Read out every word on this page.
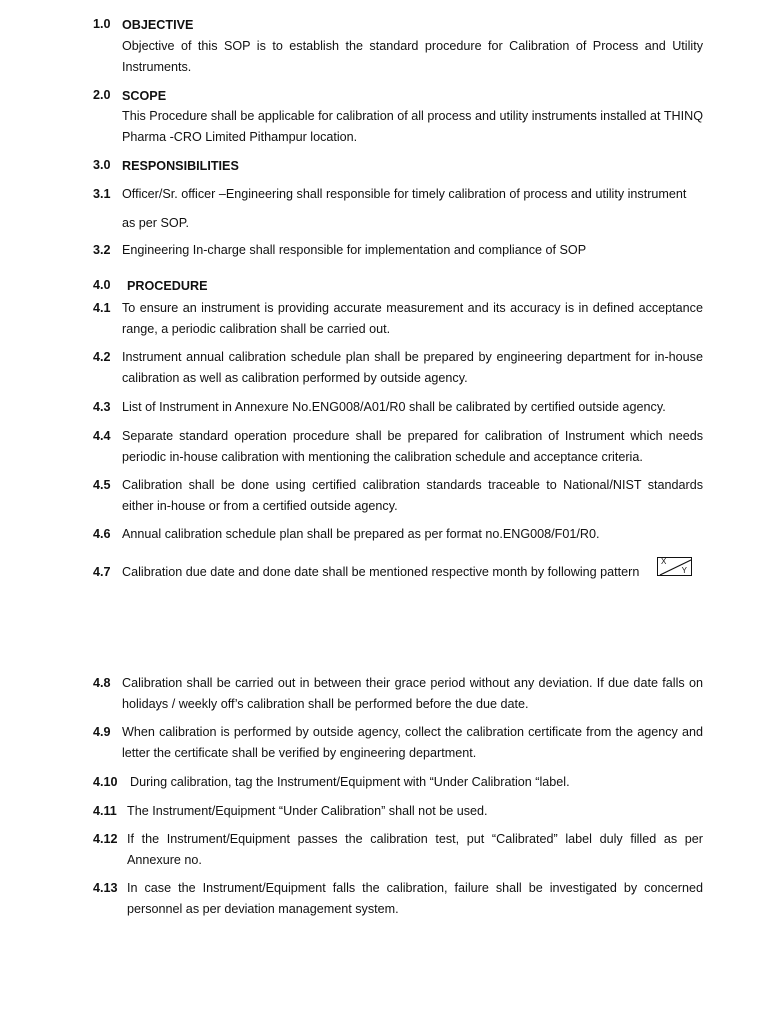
1.0 OBJECTIVE
Objective of this SOP is to establish the standard procedure for Calibration of Process and Utility Instruments.
2.0 SCOPE
This Procedure shall be applicable for calibration of all process and utility instruments installed at THINQ Pharma -CRO Limited Pithampur location.
3.0 RESPONSIBILITIES
3.1 Officer/Sr. officer –Engineering shall responsible for timely calibration of process and utility instrument
as per SOP.
3.2 Engineering In-charge shall responsible for implementation and compliance of SOP
4.0 PROCEDURE
4.1 To ensure an instrument is providing accurate measurement and its accuracy is in defined acceptance range, a periodic calibration shall be carried out.
4.2 Instrument annual calibration schedule plan shall be prepared by engineering department for in-house calibration as well as calibration performed by outside agency.
4.3 List of Instrument in Annexure No.ENG008/A01/R0 shall be calibrated by certified outside agency.
4.4 Separate standard operation procedure shall be prepared for calibration of Instrument which needs periodic in-house calibration with mentioning the calibration schedule and acceptance criteria.
4.5 Calibration shall be done using certified calibration standards traceable to National/NIST standards either in-house or from a certified outside agency.
4.6 Annual calibration schedule plan shall be prepared as per format no.ENG008/F01/R0.
4.7 Calibration due date and done date shall be mentioned respective month by following pattern
X
Y
4.8 Calibration shall be carried out in between their grace period without any deviation. If due date falls on holidays / weekly off’s calibration shall be performed before the due date.
4.9 When calibration is performed by outside agency, collect the calibration certificate from the agency and letter the certificate shall be verified by engineering department.
4.10 During calibration, tag the Instrument/Equipment with “Under Calibration “label.
4.11 The Instrument/Equipment “Under Calibration” shall not be used.
4.12 If the Instrument/Equipment passes the calibration test, put “Calibrated” label duly filled as per Annexure no.
4.13 In case the Instrument/Equipment falls the calibration, failure shall be investigated by concerned personnel as per deviation management system.
